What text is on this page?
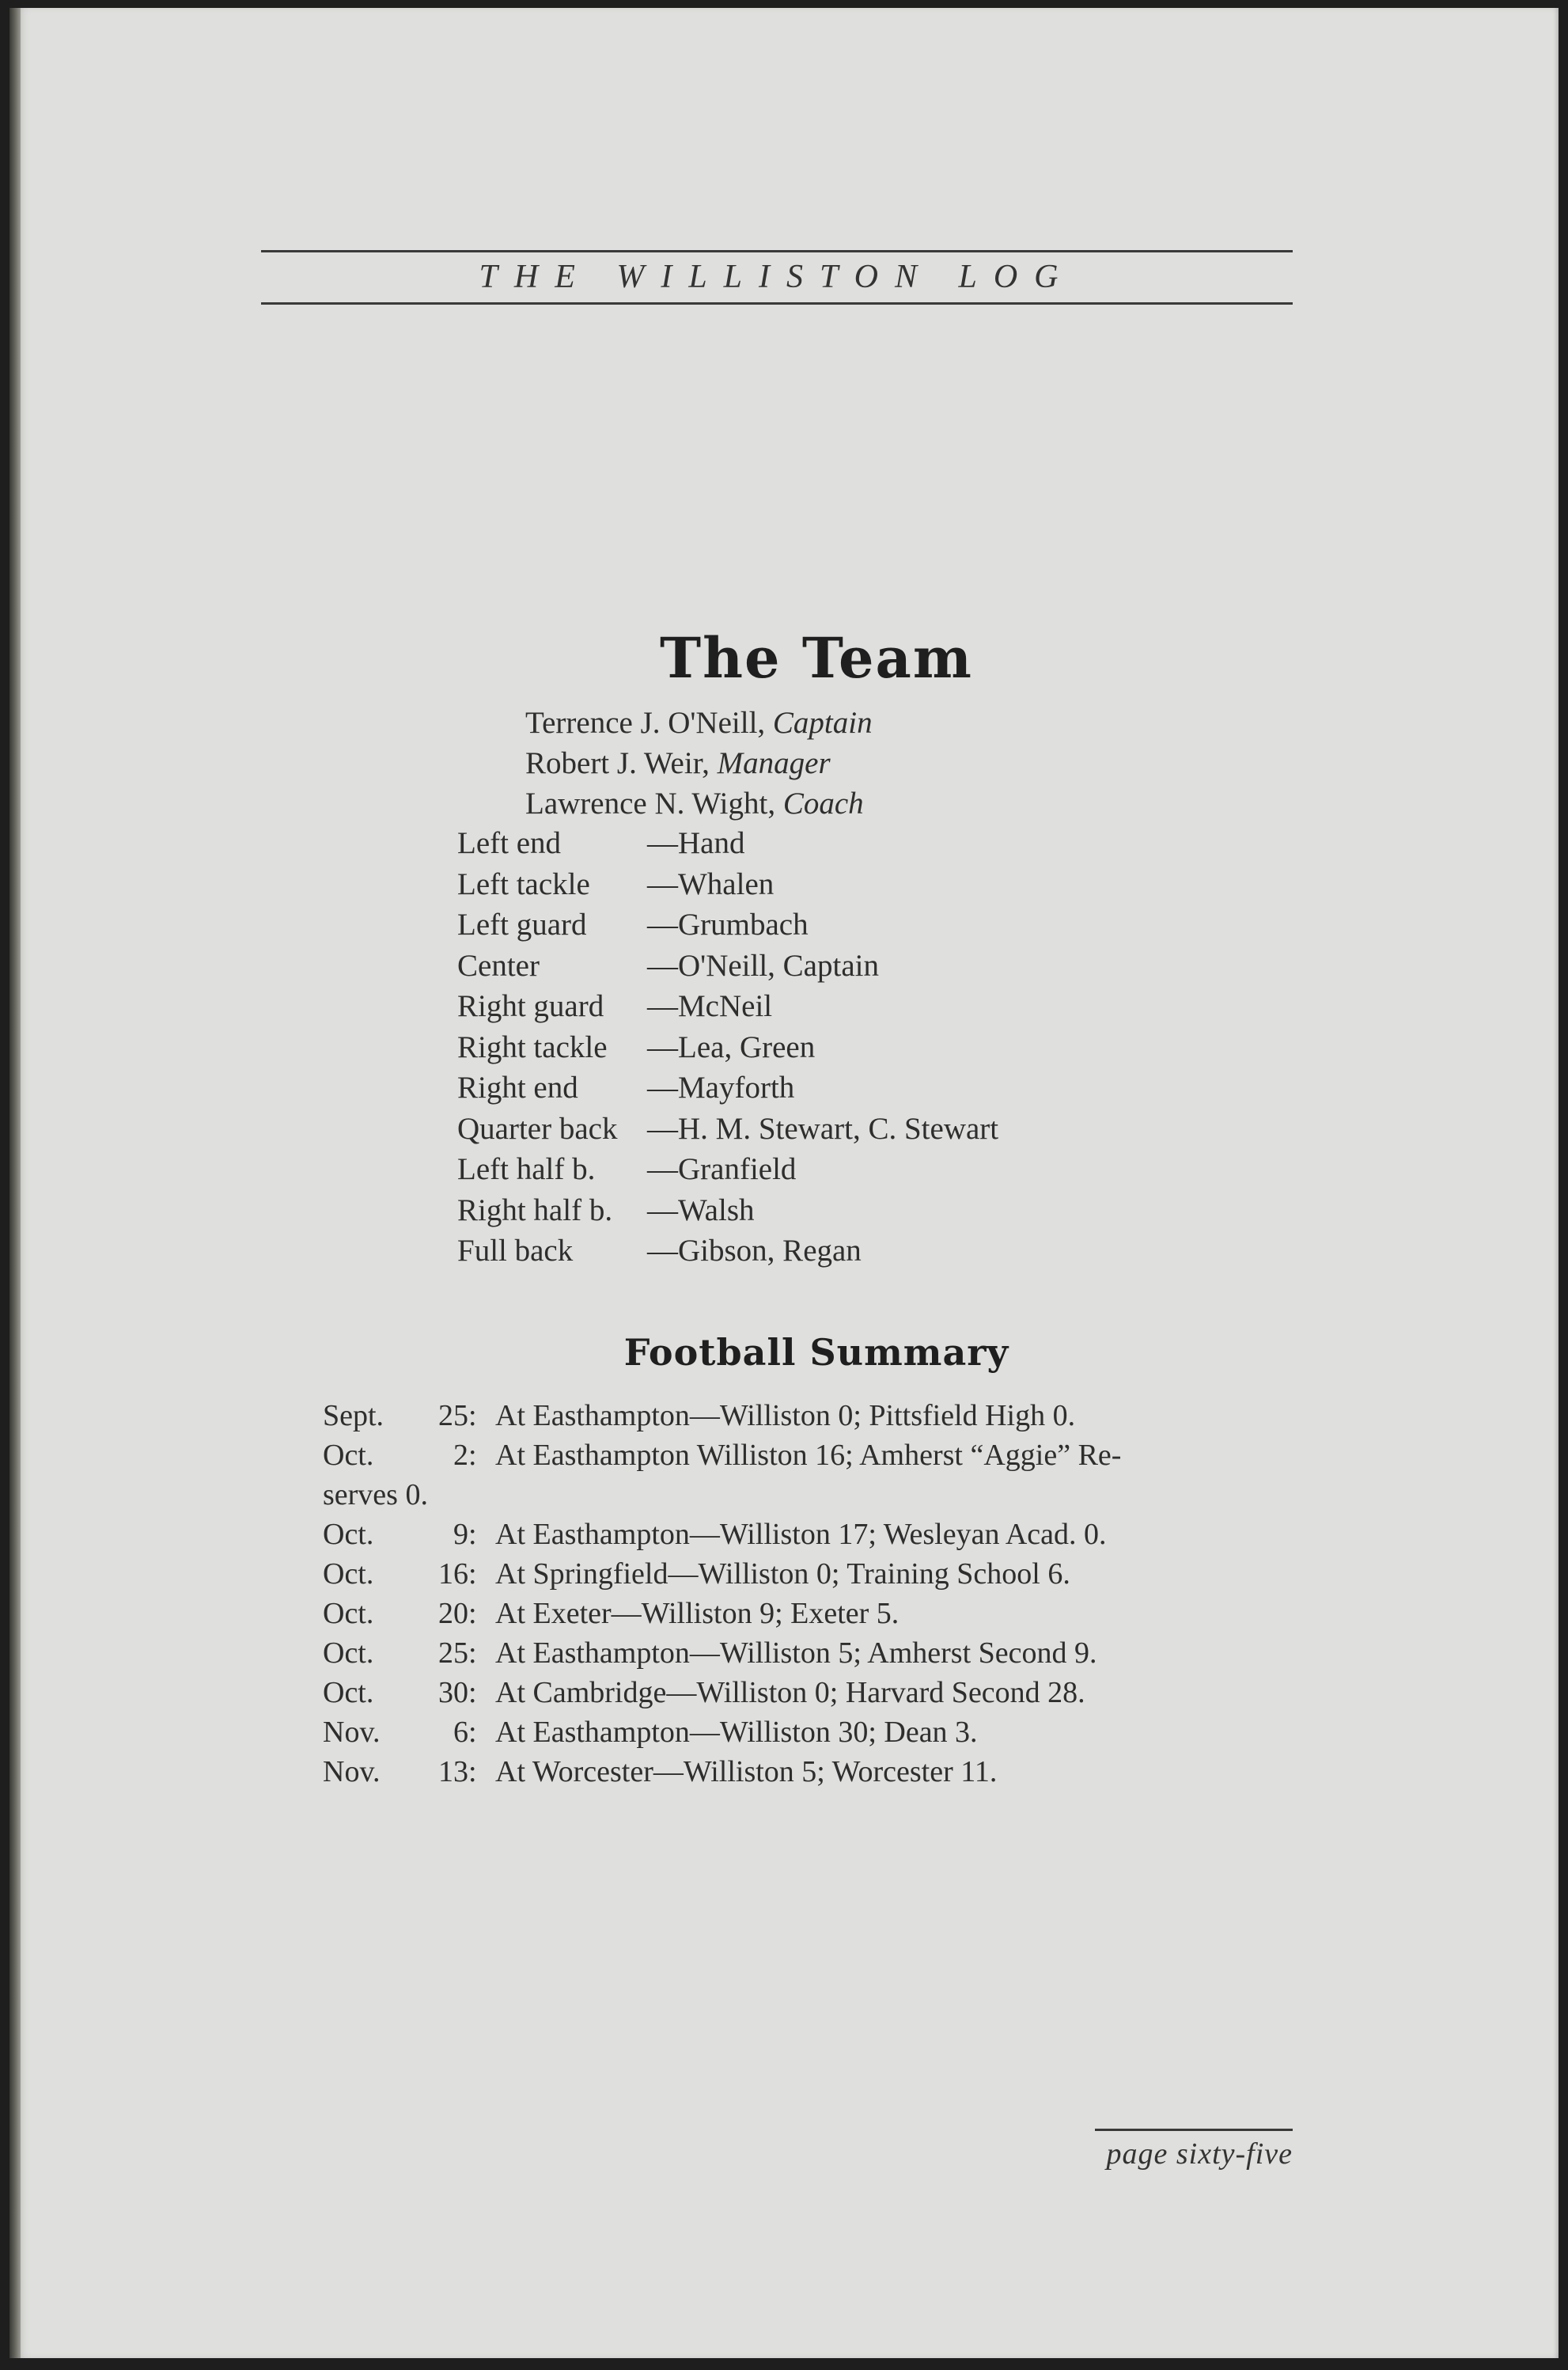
THE WILLISTON LOG
The Team
Terrence J. O'Neill, Captain
Robert J. Weir, Manager
Lawrence N. Wight, Coach
Left end	—Hand
Left tackle	—Whalen
Left guard	—Grumbach
Center	—O'Neill, Captain
Right guard	—McNeil
Right tackle	—Lea, Green
Right end	—Mayforth
Quarter back —H. M. Stewart, C. Stewart
Left half b.	—Granfield
Right half b.	—Walsh
Full back	—Gibson, Regan
Football Summary
Sept. 25 : At Easthampton—Williston 0; Pittsfield High 0.
Oct.	2 : At Easthampton Williston 16; Amherst “Aggie” Re-
serves 0.
Oct.	9 : At Easthampton—Williston 17; Wesleyan Acad. 0.
Oct. 16 : At Springfield—Williston 0; Training School 6.
Oct. 20 : At Exeter—Williston 9; Exeter 5.
Oct. 25 : At Easthampton—Williston 5; Amherst Second 9.
Oct. 30 : At Cambridge—Williston 0; Harvard Second 28.
Nov. 6 : At Easthampton—Williston 30; Dean 3.
Nov. 13 : At Worcester—Williston 5; Worcester 11.
page sixty-five
